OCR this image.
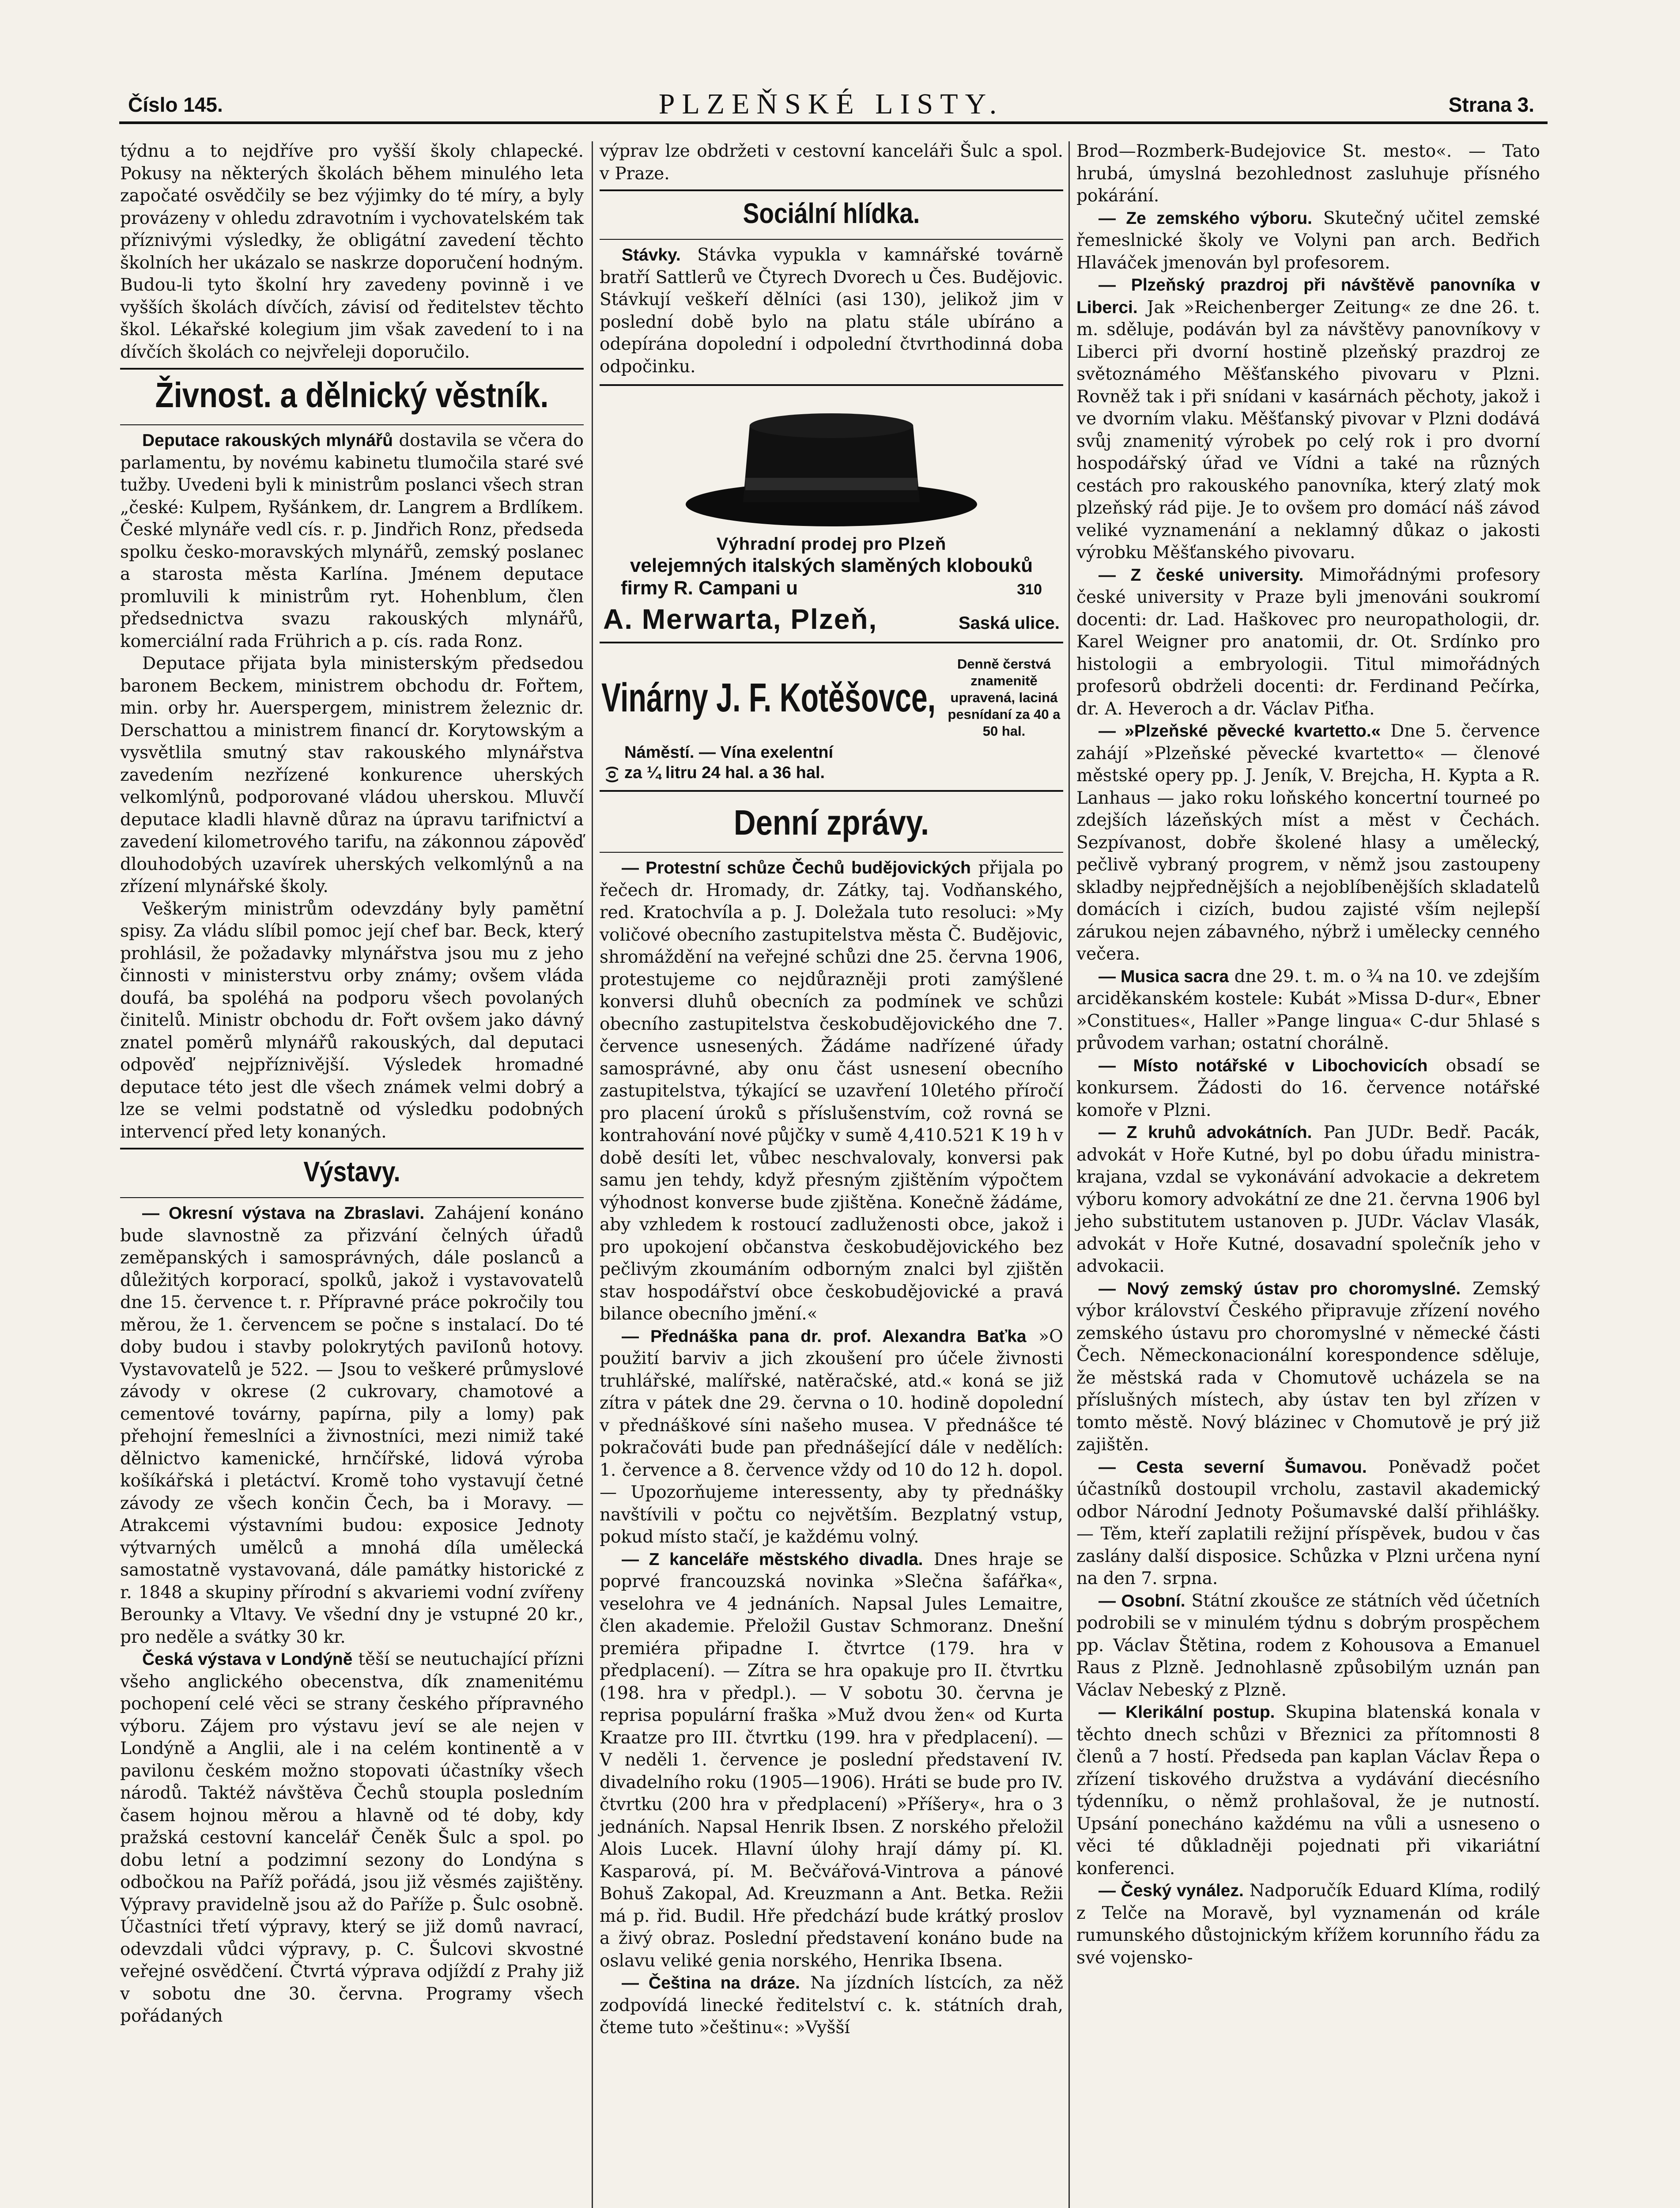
Číslo 145.	PLZEŇSKÉ LISTY.	Strana 3.

týdnu a to nejdříve pro vyšší školy chlapecké. Pokusy na některých školách během minulého leta započaté osvědčily se bez výjimky do té míry, a byly provázeny v ohledu zdravotním i vychovatelském tak příznivými výsledky, že obligátní zavedení těchto školních her ukázalo se naskrze doporučení hodným. Budou-li tyto školní hry zavedeny povinně i ve vyšších školách dívčích, závisí od ředitelstev těchto škol. Lékařské kolegium jim však zavedení to i na dívčích školách co nejvřeleji doporučilo.

Živnost. a dělnický věstník.

Deputace rakouských mlynářů dostavila se včera do parlamentu, by novému kabinetu tlumočila staré své tužby. Uvedeni byli k ministrům poslanci všech stran „české: Kulpem, Ryšánkem, dr. Langrem a Brdlíkem. České mlynáře vedl cís. r. p. Jindřich Ronz, předseda spolku česko-moravských mlynářů, zemský poslanec a starosta města Karlína. Jménem deputace promluvili k ministrům ryt. Hohenblum, člen předsednictva svazu rakouských mlynářů, komerciální rada Frührich a p. cís. rada Ronz.

Deputace přijata byla ministerským předsedou baronem Beckem, ministrem obchodu dr. Fořtem, min. orby hr. Auerspergem, ministrem železnic dr. Derschattou a ministrem financí dr. Korytowským a vysvětlila smutný stav rakouského mlynářstva zavedením nezřízené konkurence uherských velkomlýnů, podporované vládou uherskou. Mluvčí deputace kladli hlavně důraz na úpravu tarifnictví a zavedení kilometrového tarifu, na zákonnou zápověď dlouhodobých uzavírek uherských velkomlýnů a na zřízení mlynářské školy.

Veškerým ministrům odevzdány byly pamětní spisy. Za vládu slíbil pomoc její chef bar. Beck, který prohlásil, že požadavky mlynářstva jsou mu z jeho činnosti v ministerstvu orby známy; ovšem vláda doufá, ba spoléhá na podporu všech povolaných činitelů. Ministr obchodu dr. Fořt ovšem jako dávný znatel poměrů mlynářů rakouských, dal deputaci odpověď nejpříznivější. Výsledek hromadné deputace této jest dle všech známek velmi dobrý a lze se velmi podstatně od výsledku podobných intervencí před lety konaných.

Výstavy.

— Okresní výstava na Zbraslavi. Zahájení konáno bude slavnostně za přizvání čelných úřadů zeměpanských i samosprávných, dále poslanců a důležitých korporací, spolků, jakož i vystavovatelů dne 15. července t. r. Přípravné práce pokročily tou měrou, že 1. červencem se počne s instalací. Do té doby budou i stavby polokrytých paviIonů hotovy. Vystavovatelů je 522. — Jsou to veškeré průmyslové závody v okrese (2 cukrovary, chamotové a cementové továrny, papírna, pily a lomy) pak přehojní řemeslníci a živnostníci, mezi nimiž také dělnictvo kamenické, hrnčířské, lidová výroba košíkářská i pletáctví. Kromě toho vystavují četné závody ze všech končin Čech, ba i Moravy. — Atrakcemi výstavními budou: exposice Jednoty výtvarných umělců a mnohá díla umělecká samostatně vystavovaná, dále památky historické z r. 1848 a skupiny přírodní s akvariemi vodní zvířeny Berounky a Vltavy. Ve všední dny je vstupné 20 kr., pro neděle a svátky 30 kr.

Česká výstava v Londýně těší se neutuchající přízni všeho anglického obecenstva, dík znamenitému pochopení celé věci se strany českého přípravného výboru. Zájem pro výstavu jeví se ale nejen v Londýně a Anglii, ale i na celém kontinentě a v pavilonu českém možno stopovati účastníky všech národů. Taktéž návštěva Čechů stoupla posledním časem hojnou měrou a hlavně od té doby, kdy pražská cestovní kancelář Čeněk Šulc a spol. po dobu letní a podzimní sezony do Londýna s odbočkou na Paříž pořádá, jsou již věsmés zajištěny. Výpravy pravidelně jsou až do Paříže p. Šulc osobně. Účastníci třetí výpravy, který se již domů navrací, odevzdali vůdci výpravy, p. C. Šulcovi skvostné veřejné osvědčení. Čtvrtá výprava odjíždí z Prahy již v sobotu dne 30. června. Programy všech pořádaných

výprav lze obdržeti v cestovní kanceláři Šulc a spol. v Praze.

Sociální hlídka.

Stávky. Stávka vypukla v kamnářské továrně bratří Sattlerů ve Čtyrech Dvorech u Čes. Budějovic. Stávkují veškeří dělníci (asi 130), jelikož jim v poslední době bylo na platu stále ubíráno a odepírána dopolední i odpolední čtvrthodinná doba odpočinku.

Výhradní prodej pro Plzeň
velejemných italských slaměných klobouků
firmy R. Campani u	310
A. Merwarta, Plzeň,	Saská ulice.
Vinárny J. F. Kotěšovce,
Denně čerstvá znamenitě upravená, laciná pesnídaní za 40 a 50 hal.
(o)
Náměstí. — Vína exelentní
za ¼ litru 24 hal. a 36 hal.
Denní zprávy.

— Protestní schůze Čechů budějovických přijala po řečech dr. Hromady, dr. Zátky, taj. Vodňanského, red. Kratochvíla a p. J. Doležala tuto resoluci: »My voličové obecního zastupitelstva města Č. Budějovic, shromáždění na veřejné schůzi dne 25. června 1906, protestujeme co nejdůrazněji proti zamýšlené konversi dluhů obecních za podmínek ve schůzi obecního zastupitelstva českobudějovického dne 7. července usnesených. Žádáme nadřízené úřady samosprávné, aby onu část usnesení obecního zastupitelstva, týkající se uzavření 10letého příročí pro placení úroků s příslušenstvím, což rovná se kontrahování nové půjčky v sumě 4,410.521 K 19 h v době desíti let, vůbec neschvalovaly, konversi pak samu jen tehdy, když přesným zjištěním výpočtem výhodnost konverse bude zjištěna. Konečně žádáme, aby vzhledem k rostoucí zadluženosti obce, jakož i pro upokojení občanstva českobudějovického bez pečlivým zkoumáním odborným znalci byl zjištěn stav hospodářství obce českobudějovické a pravá bilance obecního jmění.«

— Přednáška pana dr. prof. Alexandra Baťka »O použití barviv a jich zkoušení pro účele živnosti truhlářské, malířské, natěračské, atd.« koná se již zítra v pátek dne 29. června o 10. hodině dopolední v přednáškové síni našeho musea. V přednášce té pokračováti bude pan přednášející dále v nedělích: 1. července a 8. července vždy od 10 do 12 h. dopol. — Upozorňujeme interessenty, aby ty přednášky navštívili v počtu co největším. Bezplatný vstup, pokud místo stačí, je každému volný.

— Z kanceláře městského divadla. Dnes hraje se poprvé francouzská novinka »Slečna šafářka«, veselohra ve 4 jednáních. Napsal Jules Lemaitre, člen akademie. Přeložil Gustav Schmoranz. Dnešní premiéra připadne I. čtvrtce (179. hra v předplacení). — Zítra se hra opakuje pro II. čtvrtku (198. hra v předpl.). — V sobotu 30. června je reprisa populární fraška »Muž dvou žen« od Kurta Kraatze pro III. čtvrtku (199. hra v předplacení). — V neděli 1. července je poslední představení IV. divadelního roku (1905—1906). Hráti se bude pro IV. čtvrtku (200 hra v předplacení) »Příšery«, hra o 3 jednáních. Napsal Henrik Ibsen. Z norského přeložil Alois Lucek. Hlavní úlohy hrají dámy pí. Kl. Kasparová, pí. M. Bečvářová-Vintrova a pánové Bohuš Zakopal, Ad. Kreuzmann a Ant. Betka. Režii má p. řid. Budil. Hře předchází bude krátký proslov a živý obraz. Poslední představení konáno bude na oslavu veliké genia norského, Henrika Ibsena.

— Čeština na dráze. Na jízdních lístcích, za něž zodpovídá linecké ředitelství c. k. státních drah, čteme tuto »češtinu«: »Vyšší

Brod—Rozmberk-Budejovice St. mesto«. — Tato hrubá, úmyslná bezohlednost zasluhuje přísného pokárání.

— Ze zemského výboru. Skutečný učitel zemské řemeslnické školy ve Volyni pan arch. Bedřich Hlaváček jmenován byl profesorem.

— Plzeňský prazdroj při návštěvě panovníka v Liberci. Jak »Reichenberger Zeitung« ze dne 26. t. m. sděluje, podáván byl za návštěvy panovníkovy v Liberci při dvorní hostině plzeňský prazdroj ze světoznámého Měšťanského pivovaru v Plzni. Rovněž tak i při snídani v kasárnách pěchoty, jakož i ve dvorním vlaku. Měšťanský pivovar v Plzni dodává svůj znamenitý výrobek po celý rok i pro dvorní hospodářský úřad ve Vídni a také na různých cestách pro rakouského panovníka, který zlatý mok plzeňský rád pije. Je to ovšem pro domácí náš závod veliké vyznamenání a neklamný důkaz o jakosti výrobku Měšťanského pivovaru.

— Z české university. Mimořádnými profesory české university v Praze byli jmenováni soukromí docenti: dr. Lad. Haškovec pro neuropathologii, dr. Karel Weigner pro anatomii, dr. Ot. Srdínko pro histologii a embryologii. Titul mimořádných profesorů obdrželi docenti: dr. Ferdinand Pečírka, dr. A. Heveroch a dr. Václav Piťha.

— »Plzeňské pěvecké kvartetto.« Dne 5. července zahájí »Plzeňské pěvecké kvartetto« — členové městské opery pp. J. Jeník, V. Brejcha, H. Kypta a R. Lanhaus — jako roku loňského koncertní tourneé po zdejších lázeňských míst a měst v Čechách. Sezpívanost, dobře školené hlasy a umělecký, pečlivě vybraný progrem, v němž jsou zastoupeny skladby nejpřednějších a nejoblíbenějších skladatelů domácích i cizích, budou zajisté vším nejlepší zárukou nejen zábavného, nýbrž i umělecky cenného večera.

— Musica sacra dne 29. t. m. o ¾ na 10. ve zdejším arciděkanském kostele: Kubát »Missa D-dur«, Ebner »Constitues«, Haller »Pange lingua« C-dur 5hlasé s průvodem varhan; ostatní chorálně.

— Místo notářské v Libochovicích obsadí se konkursem. Žádosti do 16. července notářské komoře v Plzni.

— Z kruhů advokátních. Pan JUDr. Bedř. Pacák, advokát v Hoře Kutné, byl po dobu úřadu ministra-krajana, vzdal se vykonávání advokacie a dekretem výboru komory advokátní ze dne 21. června 1906 byl jeho substitutem ustanoven p. JUDr. Václav Vlasák, advokát v Hoře Kutné, dosavadní společník jeho v advokacii.

— Nový zemský ústav pro choromyslné. Zemský výbor království Českého připravuje zřízení nového zemského ústavu pro choromyslné v německé části Čech. Německonacionální korespondence sděluje, že městská rada v Chomutově ucházela se na příslušných místech, aby ústav ten byl zřízen v tomto městě. Nový blázinec v Chomutově je prý již zajištěn.

— Cesta severní Šumavou. Poněvadž počet účastníků dostoupil vrcholu, zastavil akademický odbor Národní Jednoty Pošumavské další přihlášky. — Těm, kteří zaplatili režijní příspěvek, budou v čas zaslány další disposice. Schůzka v Plzni určena nyní na den 7. srpna.

— Osobní. Státní zkoušce ze státních věd účetních podrobili se v minulém týdnu s dobrým prospěchem pp. Václav Štětina, rodem z Kohousova a Emanuel Raus z Plzně. Jednohlasně způsobilým uznán pan Václav Nebeský z Plzně.

— Klerikální postup. Skupina blatenská konala v těchto dnech schůzi v Březnici za přítomnosti 8 členů a 7 hostí. Předseda pan kaplan Václav Řepa o zřízení tiskového družstva a vydávání diecésního týdenníku, o němž prohlašoval, že je nutností. Upsání ponecháno každému na vůli a usneseno o věci té důkladněji pojednati při vikariátní konferenci.

— Český vynález. Nadporučík Eduard Klíma, rodilý z Telče na Moravě, byl vyznamenán od krále rumunského důstojnickým křížem korunního řádu za své vojensko-
